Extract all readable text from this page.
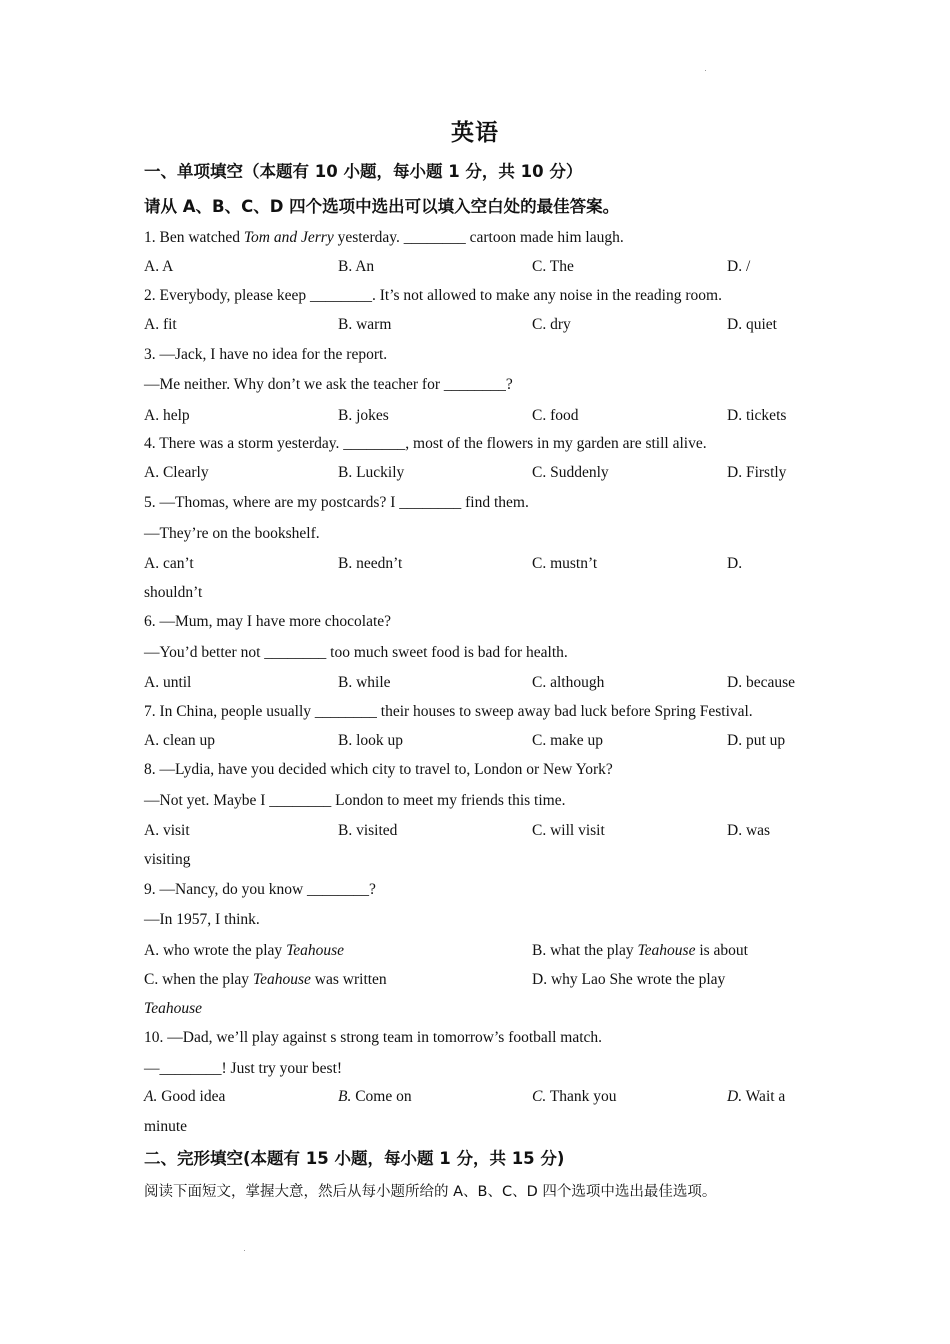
英语
一、单项填空（本题有 10 小题，每小题 1 分，共 10 分）
请从 A、B、C、D 四个选项中选出可以填入空白处的最佳答案。
1. Ben watched Tom and Jerry yesterday. ________ cartoon made him laugh.
A. A	B. An	C. The	D. /
2. Everybody, please keep ________. It’s not allowed to make any noise in the reading room.
A. fit	B. warm	C. dry	D. quiet
3. —Jack, I have no idea for the report.
—Me neither. Why don’t we ask the teacher for ________?
A. help	B. jokes	C. food	D. tickets
4. There was a storm yesterday. ________, most of the flowers in my garden are still alive.
A. Clearly	B. Luckily	C. Suddenly	D. Firstly
5. —Thomas, where are my postcards? I ________ find them.
—They’re on the bookshelf.
A. can’t	B. needn’t	C. mustn’t	D.
shouldn’t
6. —Mum, may I have more chocolate?
—You’d better not ________ too much sweet food is bad for health.
A. until	B. while	C. although	D. because
7. In China, people usually ________ their houses to sweep away bad luck before Spring Festival.
A. clean up	B. look up	C. make up	D. put up
8. —Lydia, have you decided which city to travel to, London or New York?
—Not yet. Maybe I ________ London to meet my friends this time.
A. visit	B. visited	C. will visit	D. was
visiting
9. —Nancy, do you know ________?
—In 1957, I think.
A. who wrote the play Teahouse	B. what the play Teahouse is about
C. when the play Teahouse was written	D. why Lao She wrote the play
Teahouse
10. —Dad, we’ll play against s strong team in tomorrow’s football match.
—________! Just try your best!
A. Good idea	B. Come on	C. Thank you	D. Wait a
minute
二、完形填空(本题有 15 小题，每小题 1 分，共 15 分)
阅读下面短文，掌握大意，然后从每小题所给的 A、B、C、D 四个选项中选出最佳选项。
